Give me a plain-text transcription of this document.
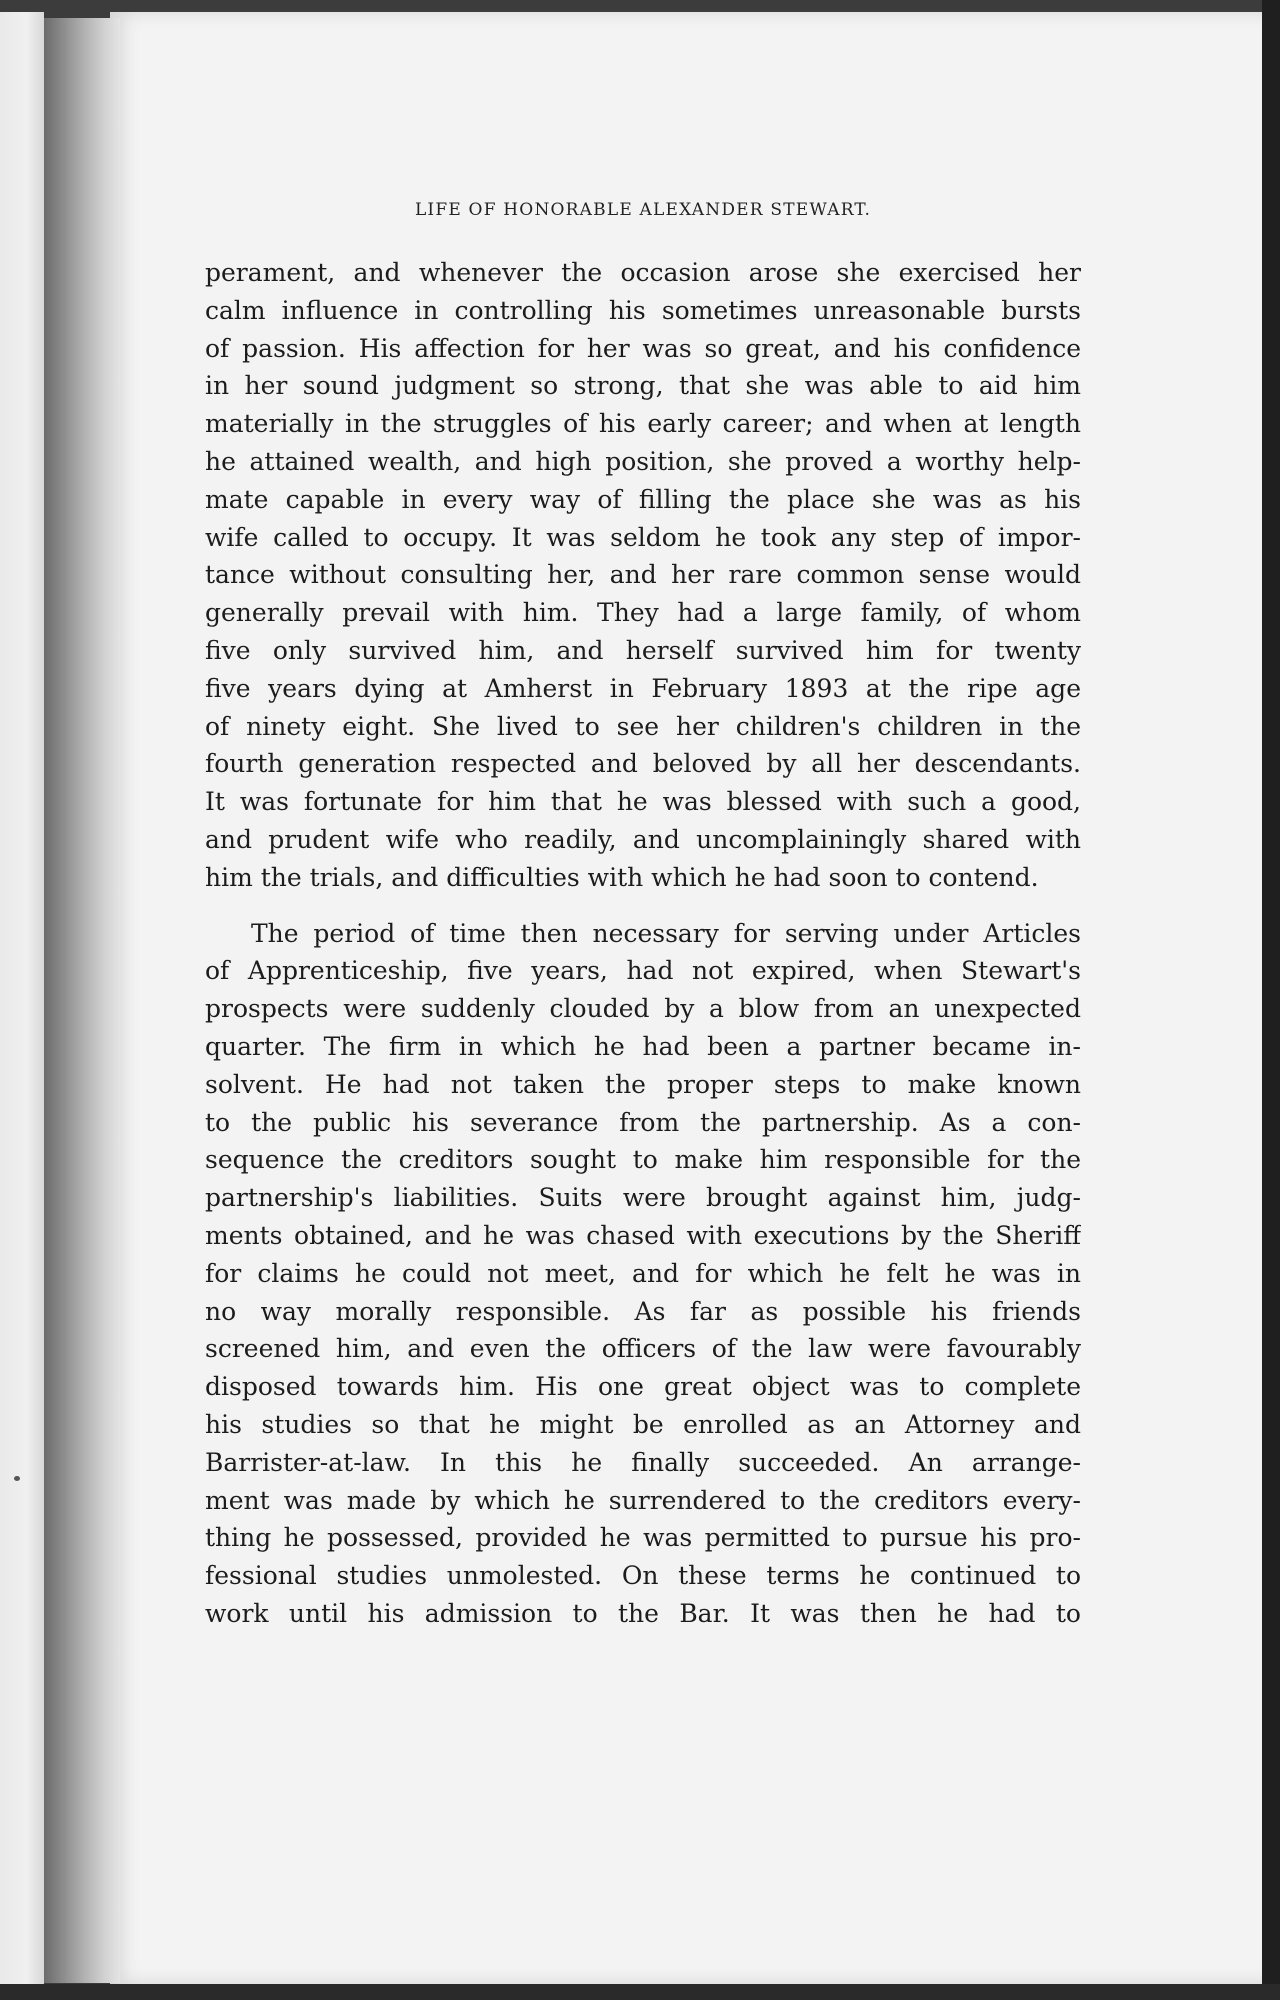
LIFE OF HONORABLE ALEXANDER STEWART.
perament, and whenever the occasion arose she exercised her
calm influence in controlling his sometimes unreasonable bursts
of passion. His affection for her was so great, and his confidence
in her sound judgment so strong, that she was able to aid him
materially in the struggles of his early career; and when at length
he attained wealth, and high position, she proved a worthy help-
mate capable in every way of filling the place she was as his
wife called to occupy. It was seldom he took any step of impor-
tance without consulting her, and her rare common sense would
generally prevail with him. They had a large family, of whom
five only survived him, and herself survived him for twenty
five years dying at Amherst in February 1893 at the ripe age
of ninety eight. She lived to see her children's children in the
fourth generation respected and beloved by all her descendants.
It was fortunate for him that he was blessed with such a good,
and prudent wife who readily, and uncomplainingly shared with
him the trials, and difficulties with which he had soon to contend.
The period of time then necessary for serving under Articles
of Apprenticeship, five years, had not expired, when Stewart's
prospects were suddenly clouded by a blow from an unexpected
quarter. The firm in which he had been a partner became in-
solvent. He had not taken the proper steps to make known
to the public his severance from the partnership. As a con-
sequence the creditors sought to make him responsible for the
partnership's liabilities. Suits were brought against him, judg-
ments obtained, and he was chased with executions by the Sheriff
for claims he could not meet, and for which he felt he was in
no way morally responsible. As far as possible his friends
screened him, and even the officers of the law were favourably
disposed towards him. His one great object was to complete
his studies so that he might be enrolled as an Attorney and
Barrister-at-law. In this he finally succeeded. An arrange-
ment was made by which he surrendered to the creditors every-
thing he possessed, provided he was permitted to pursue his pro-
fessional studies unmolested. On these terms he continued to
work until his admission to the Bar. It was then he had to
